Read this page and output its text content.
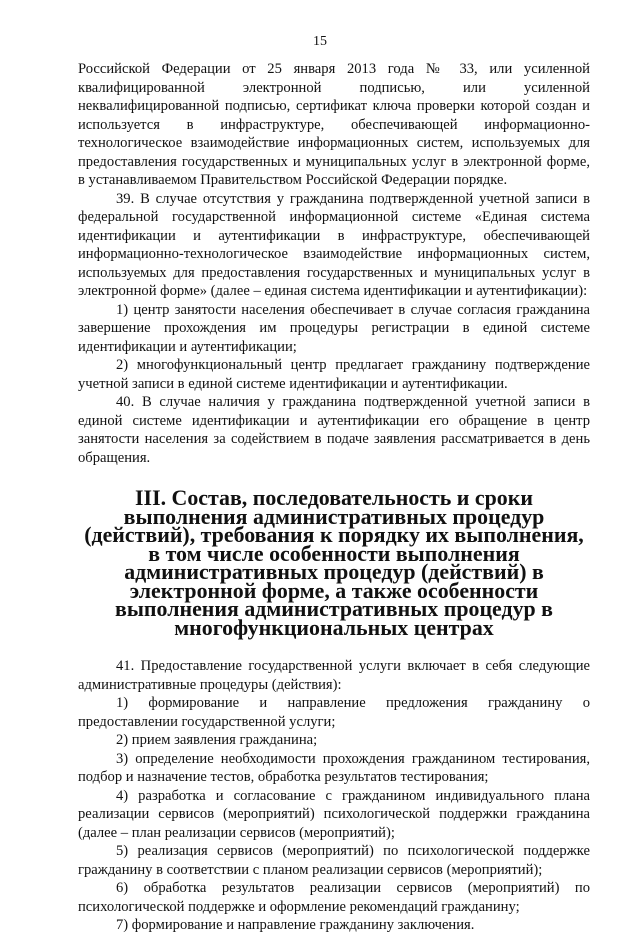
15

Российской Федерации от 25 января 2013 года № 33, или усиленной квалифицированной электронной подписью, или усиленной неквалифицированной подписью, сертификат ключа проверки которой создан и используется в инфраструктуре, обеспечивающей информационно-технологическое взаимодействие информационных систем, используемых для предоставления государственных и муниципальных услуг в электронной форме, в устанавливаемом Правительством Российской Федерации порядке.

39. В случае отсутствия у гражданина подтвержденной учетной записи в федеральной государственной информационной системе «Единая система идентификации и аутентификации в инфраструктуре, обеспечивающей информационно-технологическое взаимодействие информационных систем, используемых для предоставления государственных и муниципальных услуг в электронной форме» (далее – единая система идентификации и аутентификации):

1) центр занятости населения обеспечивает в случае согласия гражданина завершение прохождения им процедуры регистрации в единой системе идентификации и аутентификации;

2) многофункциональный центр предлагает гражданину подтверждение учетной записи в единой системе идентификации и аутентификации.

40. В случае наличия у гражданина подтвержденной учетной записи в единой системе идентификации и аутентификации его обращение в центр занятости населения за содействием в подаче заявления рассматривается в день обращения.

III. Состав, последовательность и сроки выполнения административных процедур (действий), требования к порядку их выполнения, в том числе особенности выполнения административных процедур (действий) в электронной форме, а также особенности выполнения административных процедур в многофункциональных центрах

41. Предоставление государственной услуги включает в себя следующие административные процедуры (действия):

1) формирование и направление предложения гражданину о предоставлении государственной услуги;

2) прием заявления гражданина;

3) определение необходимости прохождения гражданином тестирования, подбор и назначение тестов, обработка результатов тестирования;

4) разработка и согласование с гражданином индивидуального плана реализации сервисов (мероприятий) психологической поддержки гражданина (далее – план реализации сервисов (мероприятий);

5) реализация сервисов (мероприятий) по психологической поддержке гражданину в соответствии с планом реализации сервисов (мероприятий);

6) обработка результатов реализации сервисов (мероприятий) по психологической поддержке и оформление рекомендаций гражданину;

7) формирование и направление гражданину заключения.
